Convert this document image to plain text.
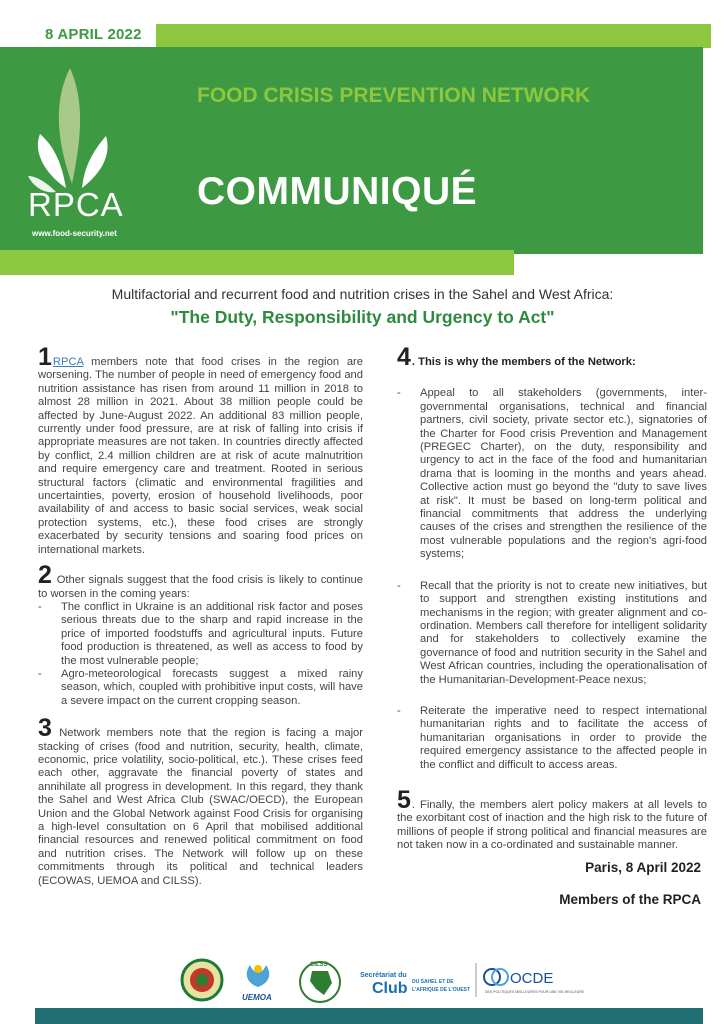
8 APRIL 2022
RPCA
www.food-security.net
FOOD CRISIS PREVENTION NETWORK
COMMUNIQUÉ
Multifactorial and recurrent food and nutrition crises in the Sahel and West Africa:
"The Duty, Responsibility and Urgency to Act"

1RPCA members note that food crises in the region are worsening. The number of people in need of emergency food and nutrition assistance has risen from around 11 million in 2018 to almost 28 million in 2021. About 38 million people could be affected by June-August 2022. An additional 83 million people, currently under food pressure, are at risk of falling into crisis if appropriate measures are not taken. In countries directly affected by conflict, 2.4 million children are at risk of acute malnutrition and require emergency care and treatment. Rooted in serious structural factors (climatic and environmental fragilities and uncertainties, poverty, erosion of household livelihoods, poor availability of and access to basic social services, weak social protection systems, etc.), these food crises are strongly exacerbated by security tensions and soaring food prices on international markets.

2 Other signals suggest that the food crisis is likely to continue to worsen in the coming years:

- The conflict in Ukraine is an additional risk factor and poses serious threats due to the sharp and rapid increase in the price of imported foodstuffs and agricultural inputs. Future food production is threatened, as well as access to food by the most vulnerable people;
- Agro-meteorological forecasts suggest a mixed rainy season, which, coupled with prohibitive input costs, will have a severe impact on the current cropping season.

3 Network members note that the region is facing a major stacking of crises (food and nutrition, security, health, climate, economic, price volatility, socio-political, etc.). These crises feed each other, aggravate the financial poverty of states and annihilate all progress in development. In this regard, they thank the Sahel and West Africa Club (SWAC/OECD), the European Union and the Global Network against Food Crisis for organising a high-level consultation on 6 April that mobilised additional financial resources and renewed political commitment on food and nutrition crises. The Network will follow up on these commitments through its political and technical leaders (ECOWAS, UEMOA and CILSS).

4. This is why the members of the Network:

- Appeal to all stakeholders (governments, inter-governmental organisations, technical and financial partners, civil society, private sector etc.), signatories of the Charter for Food crisis Prevention and Management (PREGEC Charter), on the duty, responsibility and urgency to act in the face of the food and humanitarian drama that is looming in the months and years ahead. Collective action must go beyond the "duty to save lives at risk". It must be based on long-term political and financial commitments that address the underlying causes of the crises and strengthen the resilience of the most vulnerable populations and the region's agri-food systems;
- Recall that the priority is not to create new initiatives, but to support and strengthen existing institutions and mechanisms in the region; with greater alignment and co-ordination. Members call therefore for intelligent solidarity and for stakeholders to collectively examine the governance of food and nutrition security in the Sahel and West African countries, including the operationalisation of the Humanitarian-Development-Peace nexus;
- Reiterate the imperative need to respect international humanitarian rights and to facilitate the access of humanitarian organisations in order to provide the required emergency assistance to the affected people in the conflict and difficult to access areas.

5. Finally, the members alert policy makers at all levels to the exorbitant cost of inaction and the high risk to the future of millions of people if strong political and financial measures are not taken now in a co-ordinated and sustainable manner.

Paris, 8 April 2022
Members of the RPCA
UEMOA
CILSS
Secrétariat du
Club DU SAHEL ET DE
L'AFRIQUE DE L'OUEST
OCDE
DES POLITIQUES MEILLEURES POUR UNE VIE MEILLEURE
